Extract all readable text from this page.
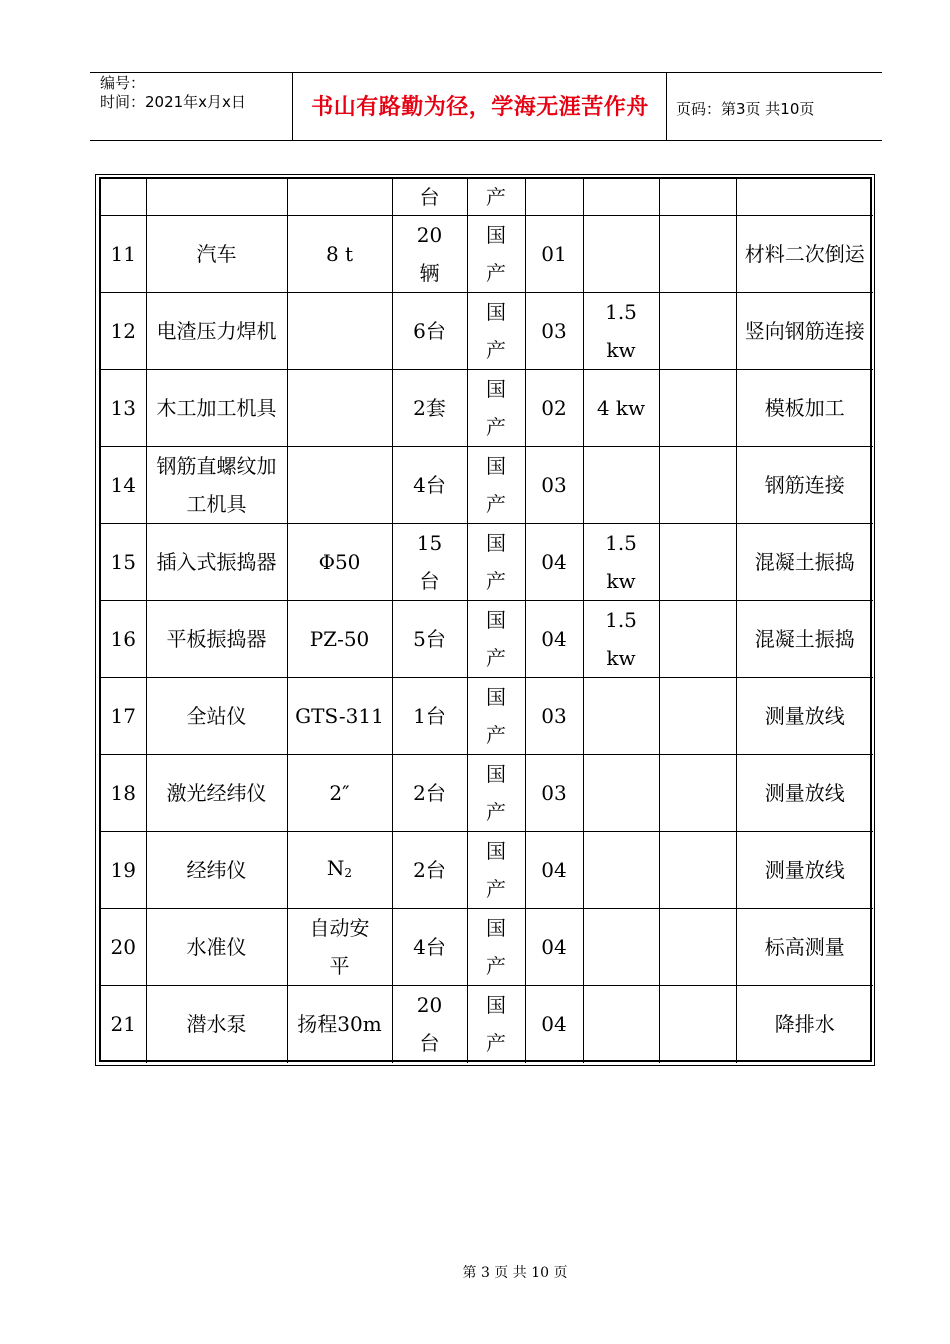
编号：
时间：2021年x月x日	书山有路勤为径，学海无涯苦作舟	页码：第3页 共10页
			台	产				
11	汽车	8 t	20辆	国产	01			材料二次倒运
12	电渣压力焊机		6台	国产	03	1.5 kw		竖向钢筋连接
13	木工加工机具		2套	国产	02	4 kw		模板加工
14	钢筋直螺纹加工机具		4台	国产	03			钢筋连接
15	插入式振捣器	Φ50	15台	国产	04	1.5 kw		混凝土振捣
16	平板振捣器	PZ-50	5台	国产	04	1.5 kw		混凝土振捣
17	全站仪	GTS-311	1台	国产	03			测量放线
18	激光经纬仪	2″	2台	国产	03			测量放线
19	经纬仪	$N_2$	2台	国产	04			测量放线
20	水准仪	自动安平	4台	国产	04			标高测量
21	潜水泵	扬程30m	20台	国产	04			降排水
第 3 页 共 10 页
